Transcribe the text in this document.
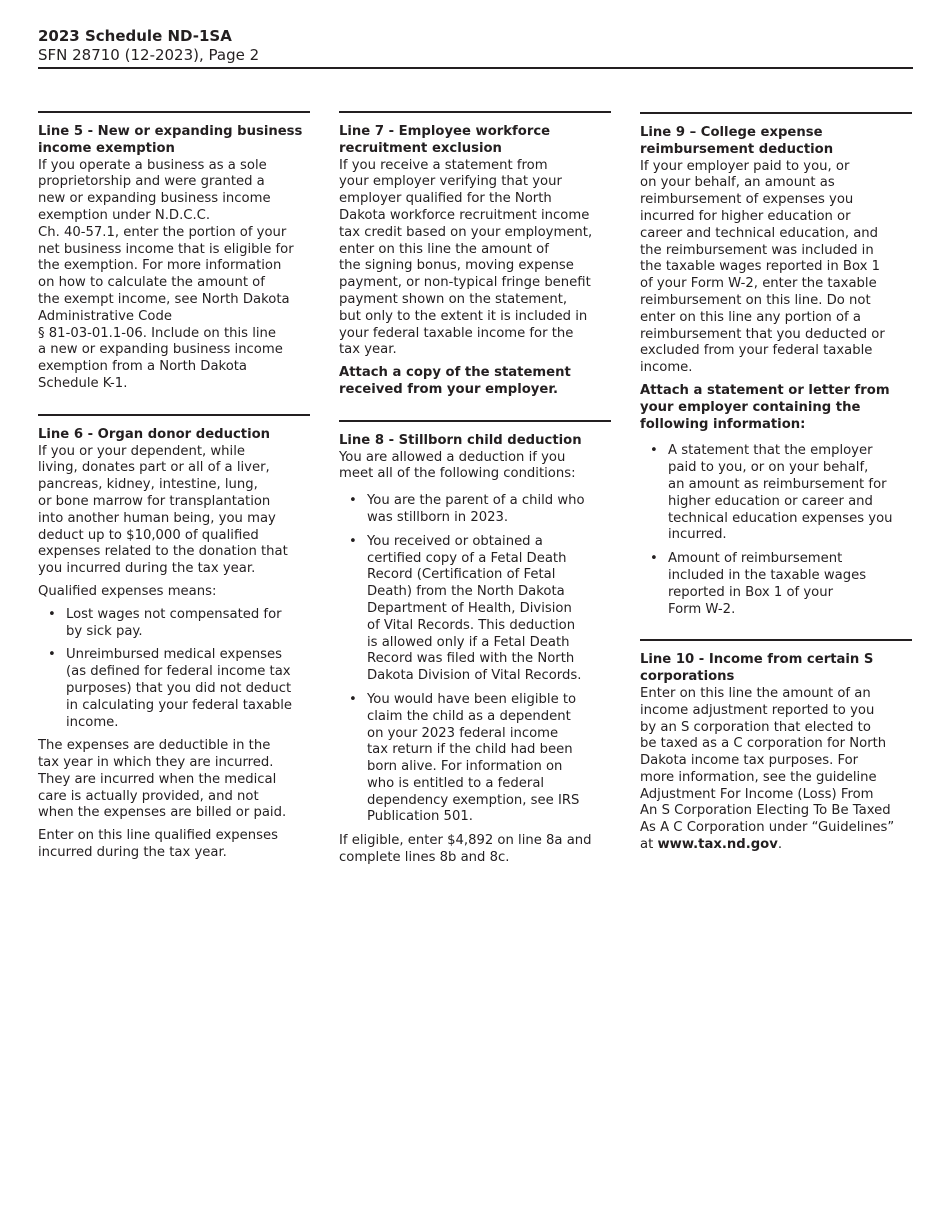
2023 Schedule ND-1SA

SFN 28710 (12-2023), Page 2

Line 5 - New or expanding business income exemption

If you operate a business as a sole
proprietorship and were granted a
new or expanding business income
exemption under N.D.C.C.
Ch. 40-57.1, enter the portion of your
net business income that is eligible for
the exemption. For more information
on how to calculate the amount of
the exempt income, see North Dakota
Administrative Code
§ 81-03-01.1-06. Include on this line
a new or expanding business income
exemption from a North Dakota
Schedule K-1.

Line 6 - Organ donor deduction

If you or your dependent, while
living, donates part or all of a liver,
pancreas, kidney, intestine, lung,
or bone marrow for transplantation
into another human being, you may
deduct up to $10,000 of qualified
expenses related to the donation that
you incurred during the tax year.

Qualified expenses means:

• Lost wages not compensated for
by sick pay.
• Unreimbursed medical expenses
(as defined for federal income tax
purposes) that you did not deduct
in calculating your federal taxable
income.

The expenses are deductible in the
tax year in which they are incurred.
They are incurred when the medical
care is actually provided, and not
when the expenses are billed or paid.

Enter on this line qualified expenses
incurred during the tax year.

Line 7 - Employee workforce recruitment exclusion

If you receive a statement from
your employer verifying that your
employer qualified for the North
Dakota workforce recruitment income
tax credit based on your employment,
enter on this line the amount of
the signing bonus, moving expense
payment, or non-typical fringe benefit
payment shown on the statement,
but only to the extent it is included in
your federal taxable income for the
tax year.

Attach a copy of the statement
received from your employer.

Line 8 - Stillborn child deduction

You are allowed a deduction if you
meet all of the following conditions:

• You are the parent of a child who
was stillborn in 2023.
• You received or obtained a
certified copy of a Fetal Death
Record (Certification of Fetal
Death) from the North Dakota
Department of Health, Division
of Vital Records. This deduction
is allowed only if a Fetal Death
Record was filed with the North
Dakota Division of Vital Records.
• You would have been eligible to
claim the child as a dependent
on your 2023 federal income
tax return if the child had been
born alive. For information on
who is entitled to a federal
dependency exemption, see IRS
Publication 501.

If eligible, enter $4,892 on line 8a and
complete lines 8b and 8c.

Line 9 – College expense reimbursement deduction

If your employer paid to you, or
on your behalf, an amount as
reimbursement of expenses you
incurred for higher education or
career and technical education, and
the reimbursement was included in
the taxable wages reported in Box 1
of your Form W-2, enter the taxable
reimbursement on this line. Do not
enter on this line any portion of a
reimbursement that you deducted or
excluded from your federal taxable
income.

Attach a statement or letter from
your employer containing the
following information:

• A statement that the employer
paid to you, or on your behalf,
an amount as reimbursement for
higher education or career and
technical education expenses you
incurred.
• Amount of reimbursement
included in the taxable wages
reported in Box 1 of your
Form W-2.
Line 10 - Income from certain S corporations

Enter on this line the amount of an
income adjustment reported to you
by an S corporation that elected to
be taxed as a C corporation for North
Dakota income tax purposes. For
more information, see the guideline
Adjustment For Income (Loss) From
An S Corporation Electing To Be Taxed
As A C Corporation under “Guidelines”
at www.tax.nd.gov.
